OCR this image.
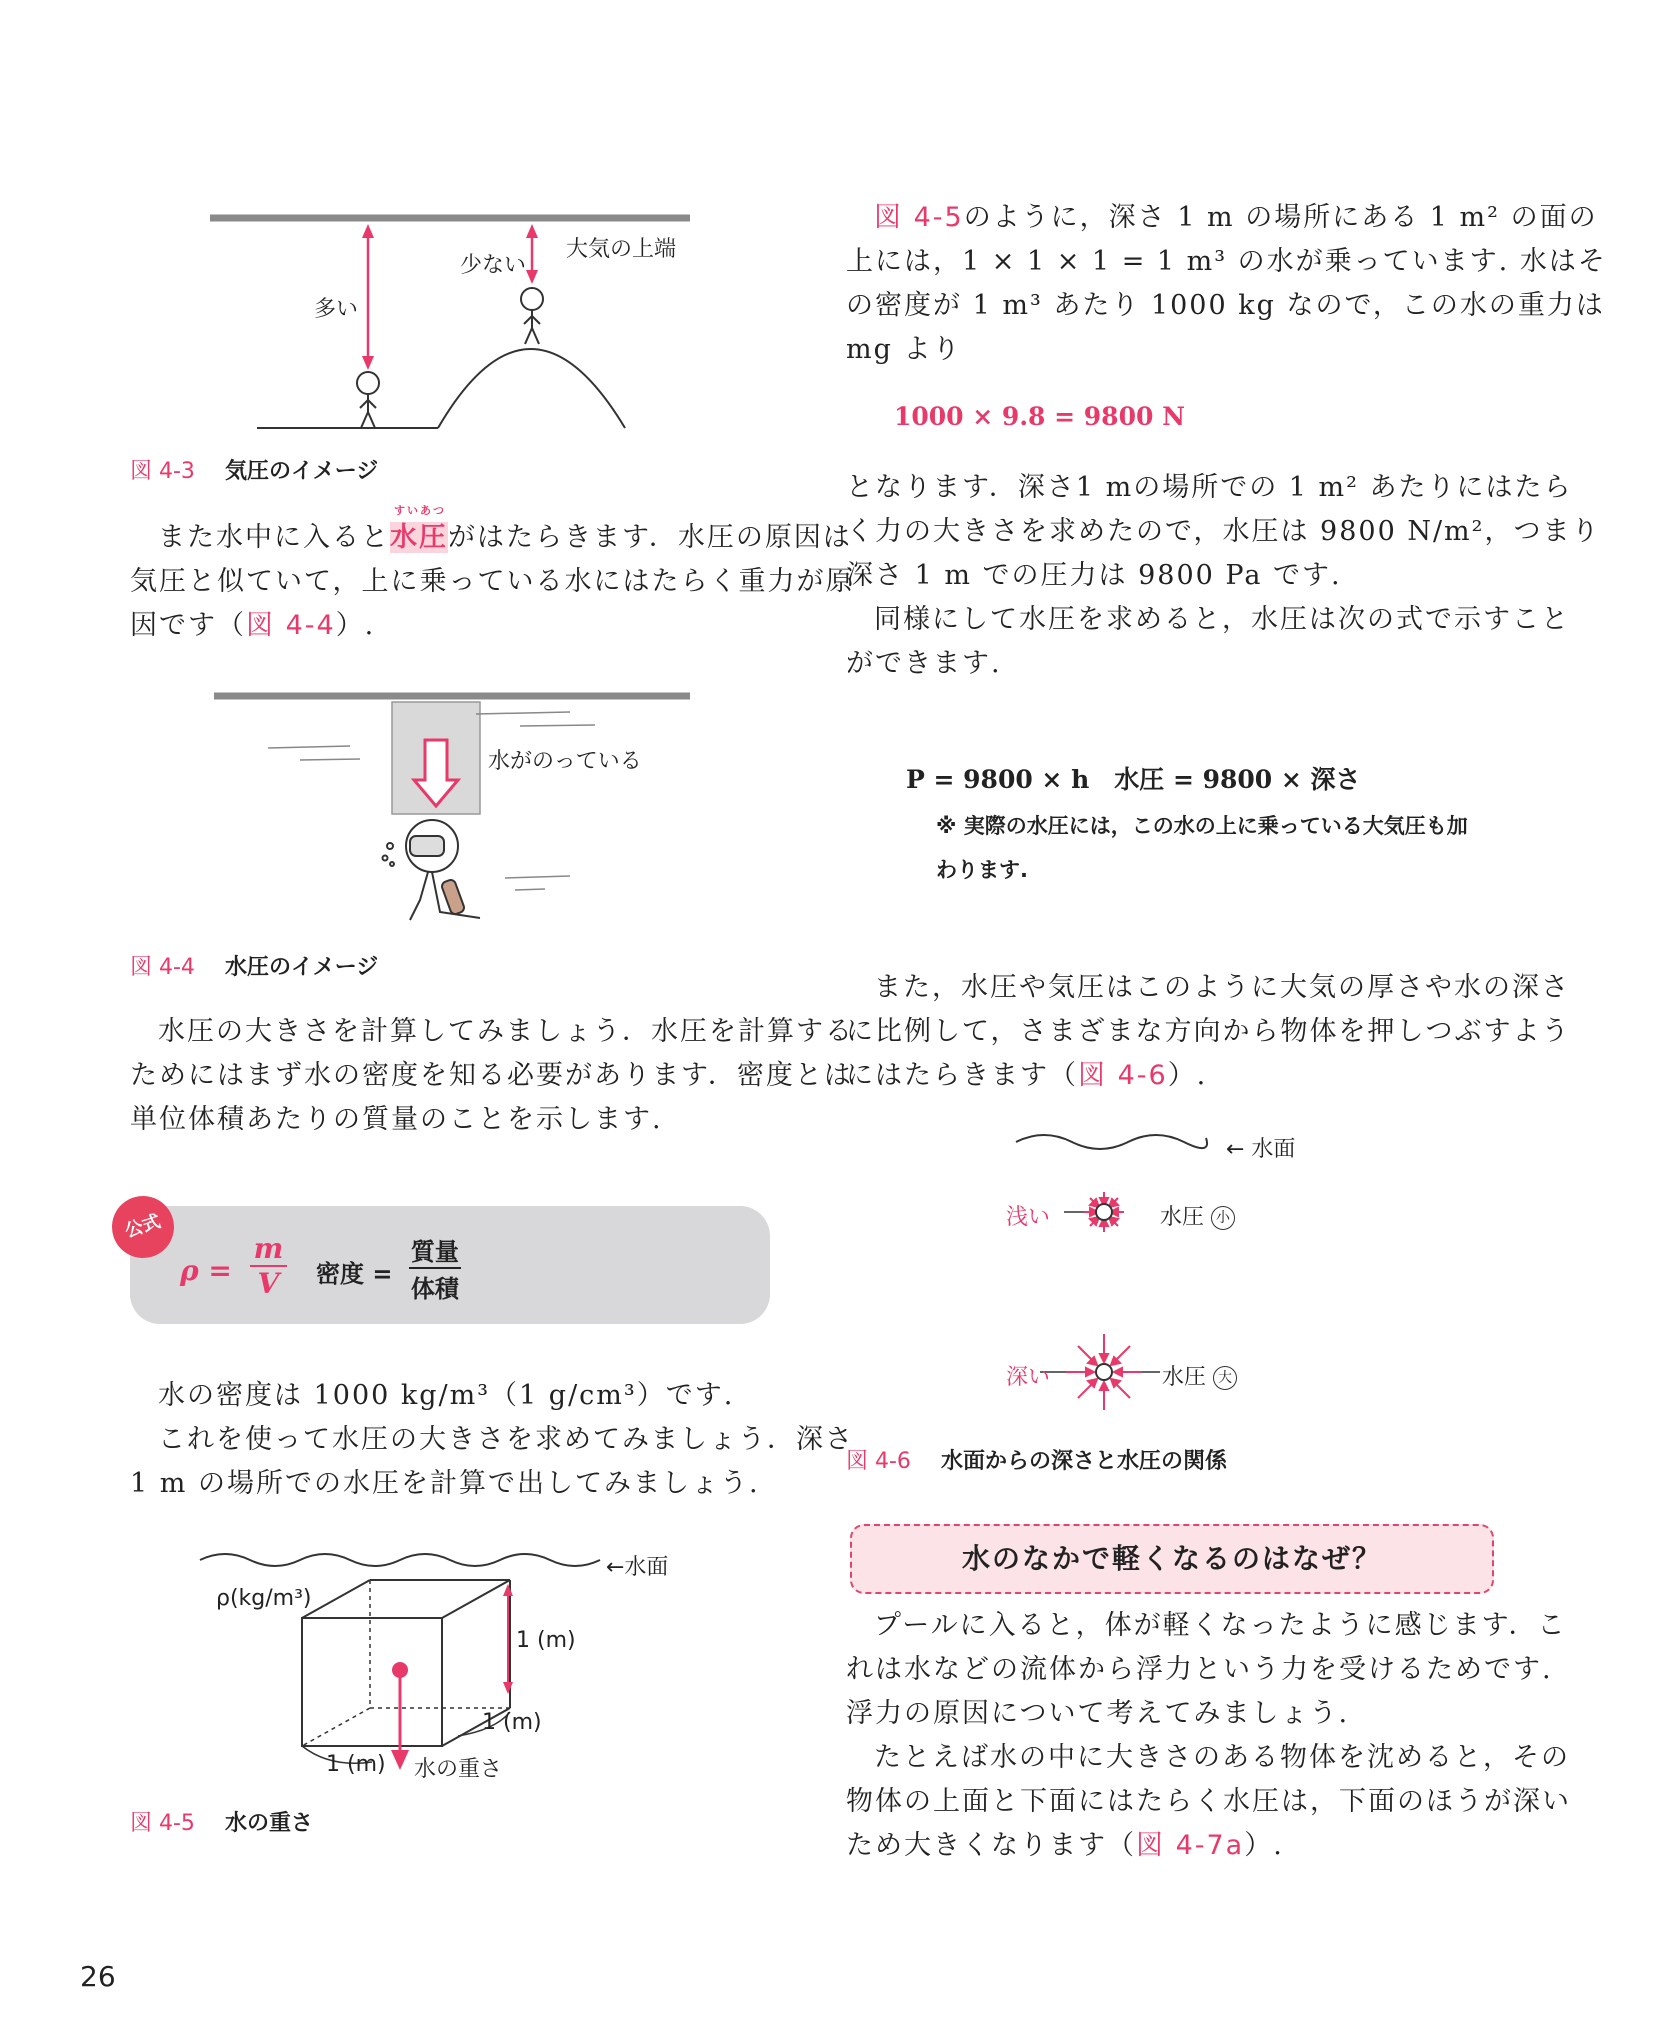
多い
少ない
大気の上端
図 4-3 気圧のイメージ
また水中に入ると
すいあつ
水圧がはたらきます．水圧の原因は
気圧と似ていて，上に乗っている水にはたらく重力が原
因です（図 4-4）.
水がのっている
図 4-4 水圧のイメージ
水圧の大きさを計算してみましょう．水圧を計算する
ためにはまず水の密度を知る必要があります．密度とは
単位体積あたりの質量のことを示します.
公式
$\rho = \frac{m}{V}$ 密度 =
質量
体積
水の密度は 1000 kg/m³（1 g/cm³）です.
これを使って水圧の大きさを求めてみましょう．深さ
1 m の場所での水圧を計算で出してみましょう.
←水面
ρ(kg/m³)
1 (m)
1 (m)
1 (m) 水の重さ
図 4-5 水の重さ
図 4-5のように，深さ 1 m の場所にある 1 m² の面の
上には，1 × 1 × 1 = 1 m³ の水が乗っています. 水はそ
の密度が 1 m³ あたり 1000 kg なので，この水の重力は
mg より
1000 × 9.8 = 9800 N
となります．深さ1 mの場所での 1 m² あたりにはたら
く力の大きさを求めたので，水圧は 9800 N/m²，つまり
深さ 1 m での圧力は 9800 Pa です.
同様にして水圧を求めると，水圧は次の式で示すこと
ができます.
P = 9800 × h　水圧 = 9800 × 深さ
※ 実際の水圧には，この水の上に乗っている大気圧も加
わります.
また，水圧や気圧はこのように大気の厚さや水の深さ
に比例して，さまざまな方向から物体を押しつぶすよう
にはたらきます（図 4-6）.
← 水面
浅い	水圧 小
深い	水圧 大
図 4-6 水面からの深さと水圧の関係
水のなかで軽くなるのはなぜ？
プールに入ると，体が軽くなったように感じます．こ
れは水などの流体から浮力という力を受けるためです.
浮力の原因について考えてみましょう.
たとえば水の中に大きさのある物体を沈めると，その
物体の上面と下面にはたらく水圧は，下面のほうが深い
ため大きくなります（図 4-7a）.
26
